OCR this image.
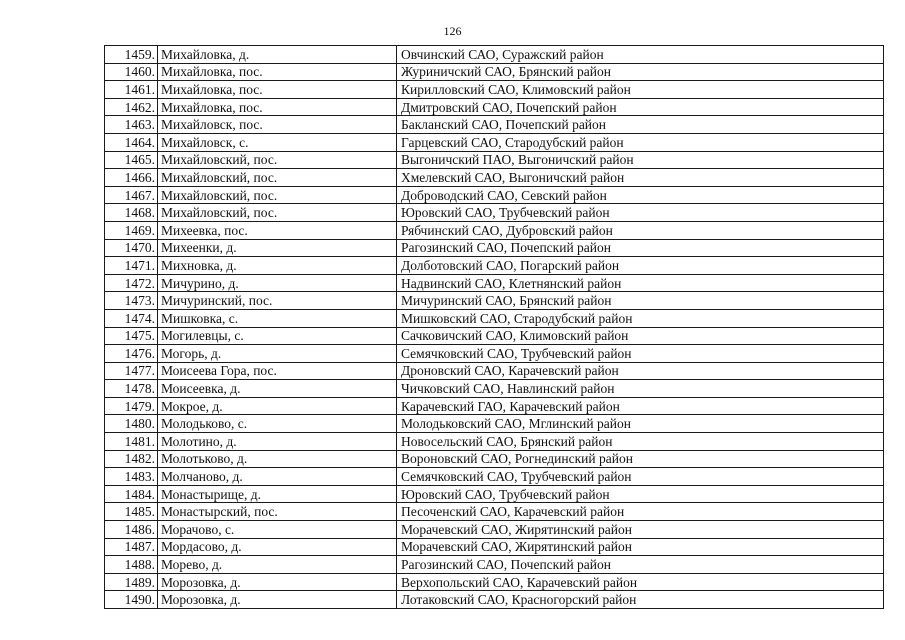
126
1459.	Михайловка, д.	Овчинский САО, Суражский район
1460.	Михайловка, пос.	Журиничский САО, Брянский район
1461.	Михайловка, пос.	Кирилловский САО, Климовский район
1462.	Михайловка, пос.	Дмитровский САО, Почепский район
1463.	Михайловск, пос.	Бакланский САО, Почепский район
1464.	Михайловск, с.	Гарцевский САО, Стародубский район
1465.	Михайловский, пос.	Выгоничский ПАО, Выгоничский район
1466.	Михайловский, пос.	Хмелевский САО, Выгоничский район
1467.	Михайловский, пос.	Доброводский САО, Севский район
1468.	Михайловский, пос.	Юровский САО, Трубчевский район
1469.	Михеевка, пос.	Рябчинский САО, Дубровский район
1470.	Михеенки, д.	Рагозинский САО, Почепский район
1471.	Михновка, д.	Долботовский САО, Погарский район
1472.	Мичурино, д.	Надвинский САО, Клетнянский район
1473.	Мичуринский, пос.	Мичуринский САО, Брянский район
1474.	Мишковка, с.	Мишковский САО, Стародубский район
1475.	Могилевцы, с.	Сачковичский САО, Климовский район
1476.	Могорь, д.	Семячковский САО, Трубчевский район
1477.	Моисеева Гора, пос.	Дроновский САО, Карачевский район
1478.	Моисеевка, д.	Чичковский САО, Навлинский район
1479.	Мокрое, д.	Карачевский ГАО, Карачевский район
1480.	Молодьково, с.	Молодьковский САО, Мглинский район
1481.	Молотино, д.	Новосельский САО, Брянский район
1482.	Молотьково, д.	Вороновский САО, Рогнединский район
1483.	Молчаново, д.	Семячковский САО, Трубчевский район
1484.	Монастырище, д.	Юровский САО, Трубчевский район
1485.	Монастырский, пос.	Песоченский САО, Карачевский район
1486.	Морачово, с.	Морачевский САО, Жирятинский район
1487.	Мордасово, д.	Морачевский САО, Жирятинский район
1488.	Морево, д.	Рагозинский САО, Почепский район
1489.	Морозовка, д.	Верхопольский САО, Карачевский район
1490.	Морозовка, д.	Лотаковский САО, Красногорский район
